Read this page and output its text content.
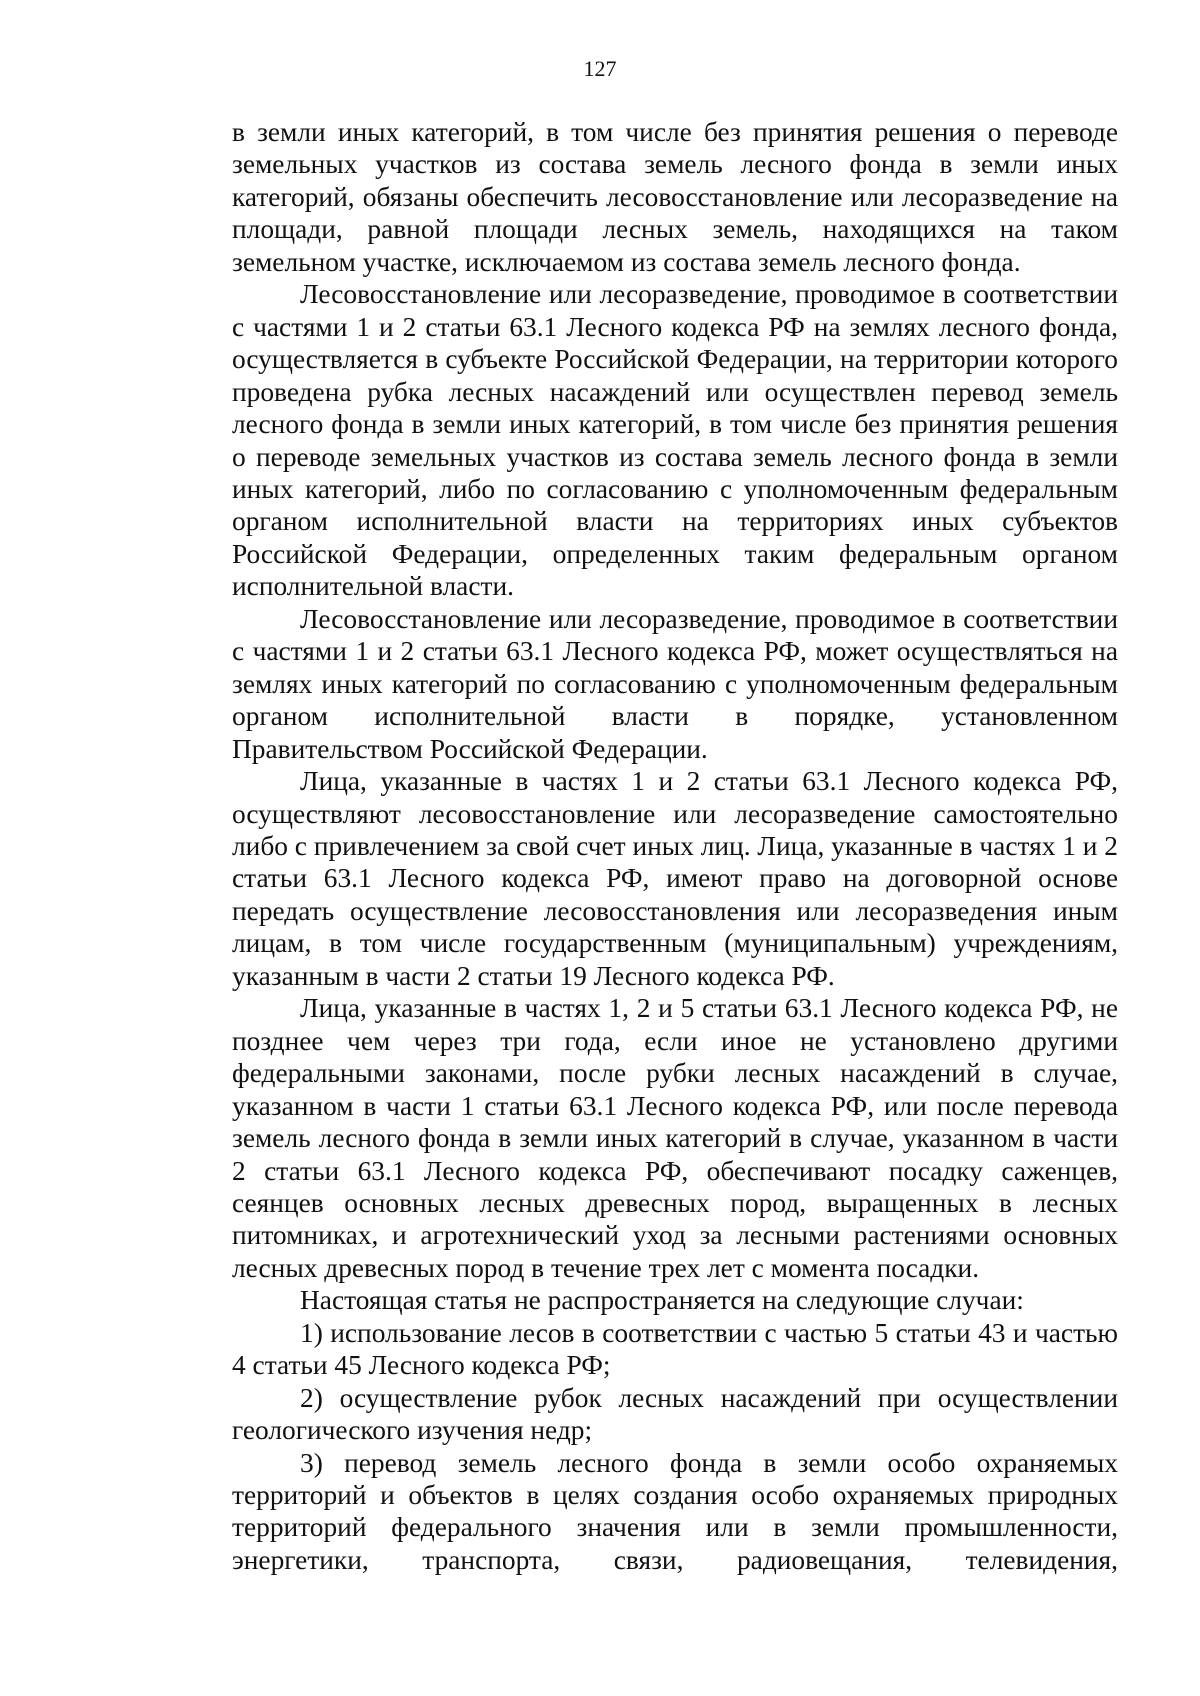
127

в земли иных категорий, в том числе без принятия решения о переводе земельных участков из состава земель лесного фонда в земли иных категорий, обязаны обеспечить лесовосстановление или лесоразведение на площади, равной площади лесных земель, находящихся на таком земельном участке, исключаемом из состава земель лесного фонда.

Лесовосстановление или лесоразведение, проводимое в соответствии с частями 1 и 2 статьи 63.1 Лесного кодекса РФ на землях лесного фонда, осуществляется в субъекте Российской Федерации, на территории которого проведена рубка лесных насаждений или осуществлен перевод земель лесного фонда в земли иных категорий, в том числе без принятия решения о переводе земельных участков из состава земель лесного фонда в земли иных категорий, либо по согласованию с уполномоченным федеральным органом исполнительной власти на территориях иных субъектов Российской Федерации, определенных таким федеральным органом исполнительной власти.

Лесовосстановление или лесоразведение, проводимое в соответствии с частями 1 и 2 статьи 63.1 Лесного кодекса РФ, может осуществляться на землях иных категорий по согласованию с уполномоченным федеральным органом исполнительной власти в порядке, установленном Правительством Российской Федерации.

Лица, указанные в частях 1 и 2 статьи 63.1 Лесного кодекса РФ, осуществляют лесовосстановление или лесоразведение самостоятельно либо с привлечением за свой счет иных лиц. Лица, указанные в частях 1 и 2 статьи 63.1 Лесного кодекса РФ, имеют право на договорной основе передать осуществление лесовосстановления или лесоразведения иным лицам, в том числе государственным (муниципальным) учреждениям, указанным в части 2 статьи 19 Лесного кодекса РФ.

Лица, указанные в частях 1, 2 и 5 статьи 63.1 Лесного кодекса РФ, не позднее чем через три года, если иное не установлено другими федеральными законами, после рубки лесных насаждений в случае, указанном в части 1 статьи 63.1 Лесного кодекса РФ, или после перевода земель лесного фонда в земли иных категорий в случае, указанном в части 2 статьи 63.1 Лесного кодекса РФ, обеспечивают посадку саженцев, сеянцев основных лесных древесных пород, выращенных в лесных питомниках, и агротехнический уход за лесными растениями основных лесных древесных пород в течение трех лет с момента посадки.

Настоящая статья не распространяется на следующие случаи:

1) использование лесов в соответствии с частью 5 статьи 43 и частью 4 статьи 45 Лесного кодекса РФ;

2) осуществление рубок лесных насаждений при осуществлении геологического изучения недр;

3) перевод земель лесного фонда в земли особо охраняемых территорий и объектов в целях создания особо охраняемых природных территорий федерального значения или в земли промышленности, энергетики, транспорта, связи, радиовещания, телевидения,
